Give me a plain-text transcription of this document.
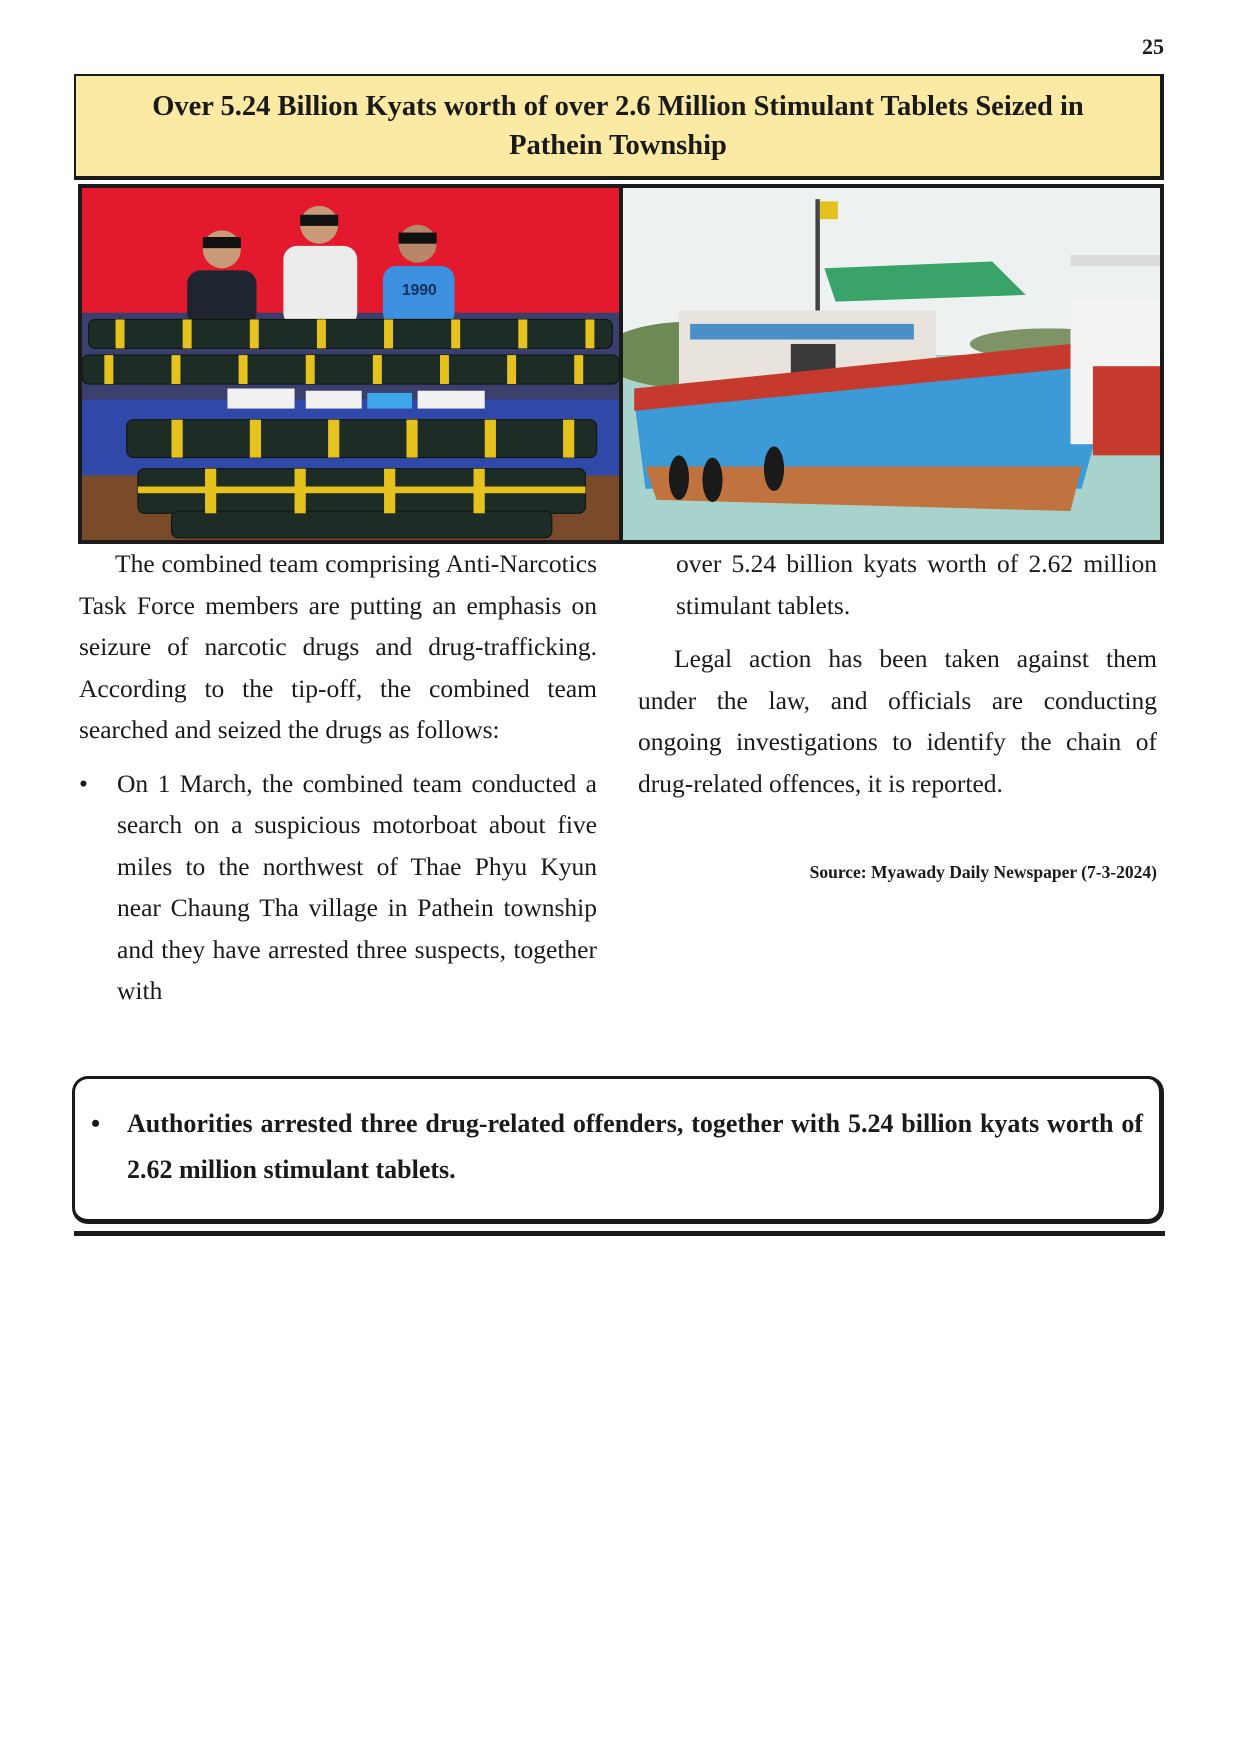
25
Over 5.24 Billion Kyats worth of over 2.6 Million Stimulant Tablets Seized in Pathein Township
1990

The combined team comprising Anti-Narcotics Task Force members are putting an emphasis on seizure of narcotic drugs and drug-trafficking. According to the tip-off, the combined team searched and seized the drugs as follows:

• On 1 March, the combined team conducted a search on a suspicious motorboat about five miles to the northwest of Thae Phyu Kyun near Chaung Tha village in Pathein township and they have arrested three suspects, together with

over 5.24 billion kyats worth of 2.62 million stimulant tablets.

Legal action has been taken against them under the law, and officials are conducting ongoing investigations to identify the chain of drug-related offences, it is reported.

Source: Myawady Daily Newspaper (7-3-2024)
• Authorities arrested three drug-related offenders, together with 5.24 billion kyats worth of 2.62 million stimulant tablets.
